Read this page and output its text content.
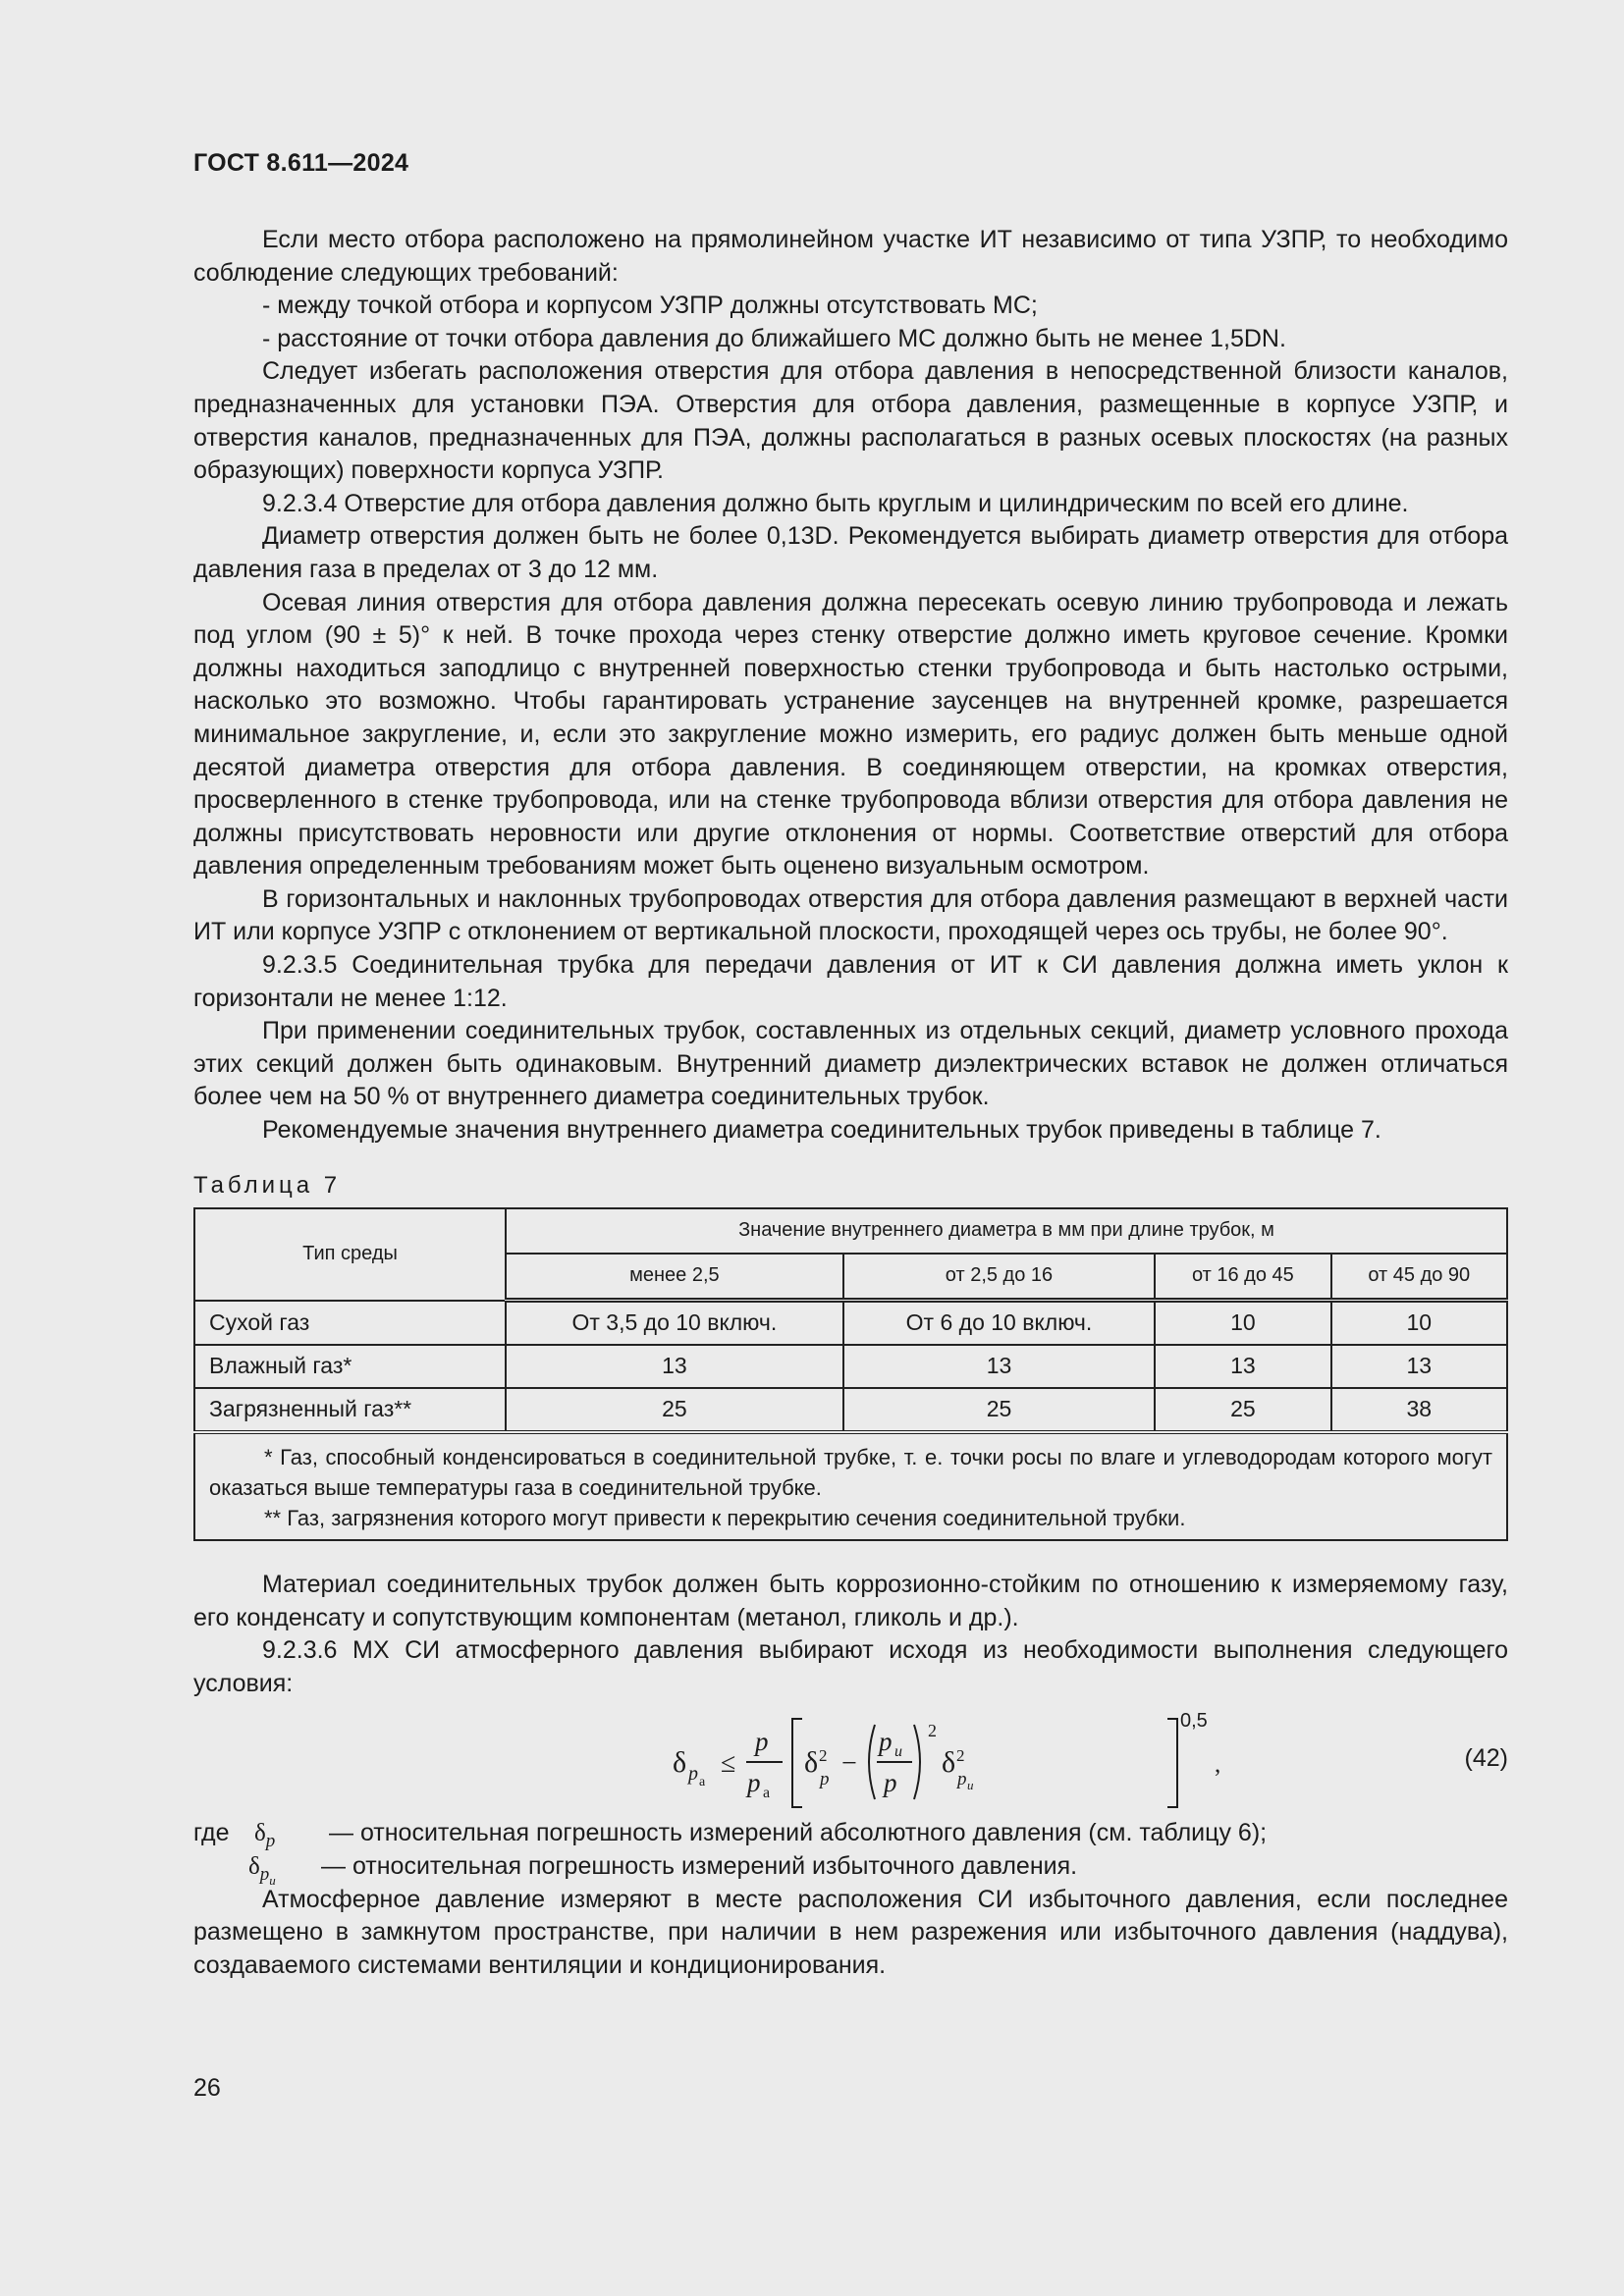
ГОСТ 8.611—2024

Если место отбора расположено на прямолинейном участке ИТ независимо от типа УЗПР, то необходимо соблюдение следующих требований:

- между точкой отбора и корпусом УЗПР должны отсутствовать МС;

- расстояние от точки отбора давления до ближайшего МС должно быть не менее 1,5DN.

Следует избегать расположения отверстия для отбора давления в непосредственной близости каналов, предназначенных для установки ПЭА. Отверстия для отбора давления, размещенные в корпусе УЗПР, и отверстия каналов, предназначенных для ПЭА, должны располагаться в разных осевых плоскостях (на разных образующих) поверхности корпуса УЗПР.

9.2.3.4 Отверстие для отбора давления должно быть круглым и цилиндрическим по всей его длине.

Диаметр отверстия должен быть не более 0,13D. Рекомендуется выбирать диаметр отверстия для отбора давления газа в пределах от 3 до 12 мм.

Осевая линия отверстия для отбора давления должна пересекать осевую линию трубопровода и лежать под углом (90 ± 5)° к ней. В точке прохода через стенку отверстие должно иметь круговое сечение. Кромки должны находиться заподлицо с внутренней поверхностью стенки трубопровода и быть настолько острыми, насколько это возможно. Чтобы гарантировать устранение заусенцев на внутренней кромке, разрешается минимальное закругление, и, если это закругление можно измерить, его радиус должен быть меньше одной десятой диаметра отверстия для отбора давления. В соединяющем отверстии, на кромках отверстия, просверленного в стенке трубопровода, или на стенке трубопровода вблизи отверстия для отбора давления не должны присутствовать неровности или другие отклонения от нормы. Соответствие отверстий для отбора давления определенным требованиям может быть оценено визуальным осмотром.

В горизонтальных и наклонных трубопроводах отверстия для отбора давления размещают в верхней части ИТ или корпусе УЗПР с отклонением от вертикальной плоскости, проходящей через ось трубы, не более 90°.

9.2.3.5 Соединительная трубка для передачи давления от ИТ к СИ давления должна иметь уклон к горизонтали не менее 1:12.

При применении соединительных трубок, составленных из отдельных секций, диаметр условного прохода этих секций должен быть одинаковым. Внутренний диаметр диэлектрических вставок не должен отличаться более чем на 50 % от внутреннего диаметра соединительных трубок.

Рекомендуемые значения внутреннего диаметра соединительных трубок приведены в таблице 7.

Таблица 7
Тип среды	Значение внутреннего диаметра в мм при длине трубок, м			
	менее 2,5	от 2,5 до 16	от 16 до 45	от 45 до 90
Сухой газ	От 3,5 до 10 включ.	От 6 до 10 включ.	10	10
Влажный газ*	13	13	13	13
Загрязненный газ**	25	25	25	38

* Газ, способный конденсироваться в соединительной трубке, т. е. точки росы по влаге и углеводородам которого могут оказаться выше температуры газа в соединительной трубке.
** Газ, загрязнения которого могут привести к перекрытию сечения соединительной трубки.				

Материал соединительных трубок должен быть коррозионно-стойким по отношению к измеряемому газу, его конденсату и сопутствующим компонентам (метанол, гликоль и др.).

9.2.3.6 МХ СИ атмосферного давления выбирают исходя из необходимости выполнения следующего условия:

δ p а
≤
p
p а
δ 2
p
−
p и
p
2
δ 2
p и
0,5
,	(42)
где $\delta_p$ — относительная погрешность измерений абсолютного давления (см. таблицу 6);
$\delta_{p_и}$
— относительная погрешность измерений избыточного давления.

Атмосферное давление измеряют в месте расположения СИ избыточного давления, если последнее размещено в замкнутом пространстве, при наличии в нем разрежения или избыточного давления (наддува), создаваемого системами вентиляции и кондиционирования.

26
